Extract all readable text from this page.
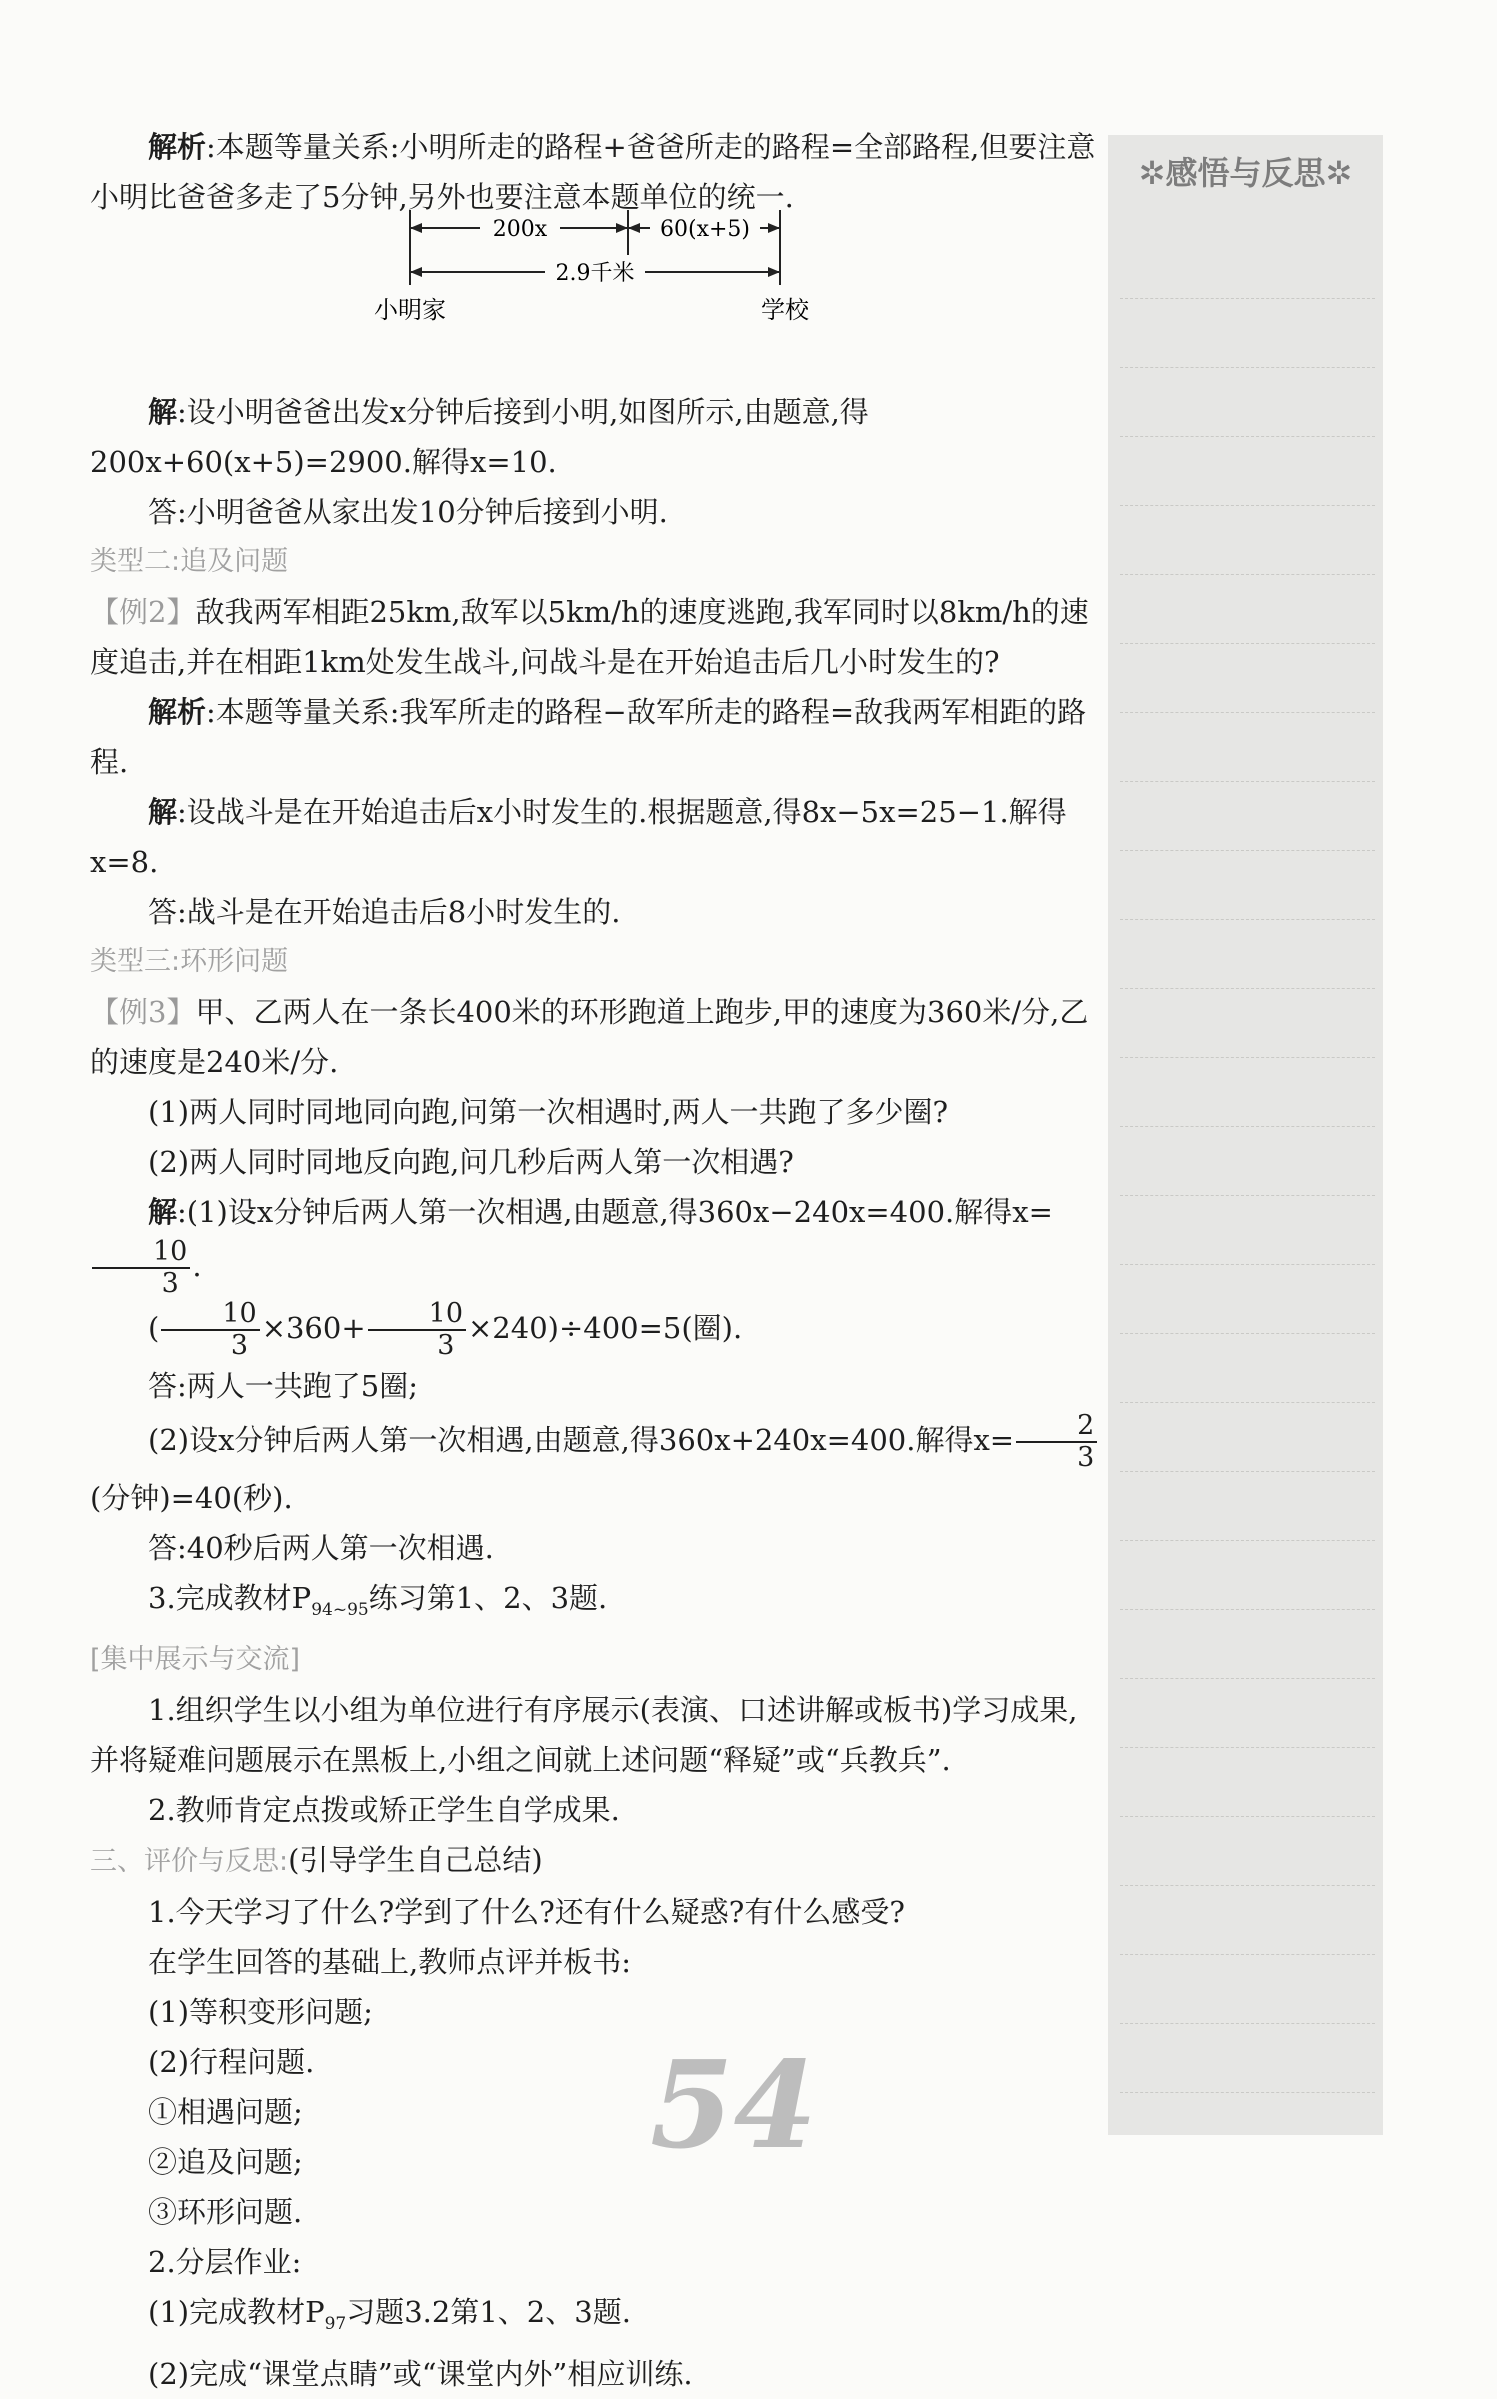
✲感悟与反思✲

解析:本题等量关系:小明所走的路程+爸爸所走的路程=全部路程,但要注意小明比爸爸多走了5分钟,另外也要注意本题单位的统一.

解:设小明爸爸出发x分钟后接到小明,如图所示,由题意,得200x+60(x+5)=2900.解得x=10.

答:小明爸爸从家出发10分钟后接到小明.

类型二:追及问题

【例2】敌我两军相距25km,敌军以5km/h的速度逃跑,我军同时以8km/h的速度追击,并在相距1km处发生战斗,问战斗是在开始追击后几小时发生的?

解析:本题等量关系:我军所走的路程−敌军所走的路程=敌我两军相距的路程.

解:设战斗是在开始追击后x小时发生的.根据题意,得8x−5x=25−1.解得x=8.

答:战斗是在开始追击后8小时发生的.

类型三:环形问题

【例3】甲、乙两人在一条长400米的环形跑道上跑步,甲的速度为360米/分,乙的速度是240米/分.

(1)两人同时同地同向跑,问第一次相遇时,两人一共跑了多少圈?

(2)两人同时同地反向跑,问几秒后两人第一次相遇?

解:(1)设x分钟后两人第一次相遇,由题意,得360x−240x=400.解得x=
$\frac{10}{3}$ .

( $\frac{10}{3} \times 360+ \frac{10}{3} \times 240)\div 400=5$(圈).

答:两人一共跑了5圈;

(2)设x分钟后两人第一次相遇,由题意,得360x+240x=400.解得$x= \frac{2}{3}$
(分钟)=40(秒).

答:40秒后两人第一次相遇.

3.完成教材$P_{94\sim 95}$练习第1、2、3题.

[集中展示与交流]

1.组织学生以小组为单位进行有序展示(表演、口述讲解或板书)学习成果,并将疑难问题展示在黑板上,小组之间就上述问题“释疑”或“兵教兵”.

2.教师肯定点拨或矫正学生自学成果.

三、评价与反思:(引导学生自己总结)

1.今天学习了什么?学到了什么?还有什么疑惑?有什么感受?

在学生回答的基础上,教师点评并板书:

(1)等积变形问题;

(2)行程问题.

①相遇问题;

②追及问题;

③环形问题.

2.分层作业:

(1)完成教材$P_{97}$习题3.2第1、2、3题.

(2)完成“课堂点睛”或“课堂内外”相应训练.

200x	60(x+5)
2.9千米
小明家	学校
54
